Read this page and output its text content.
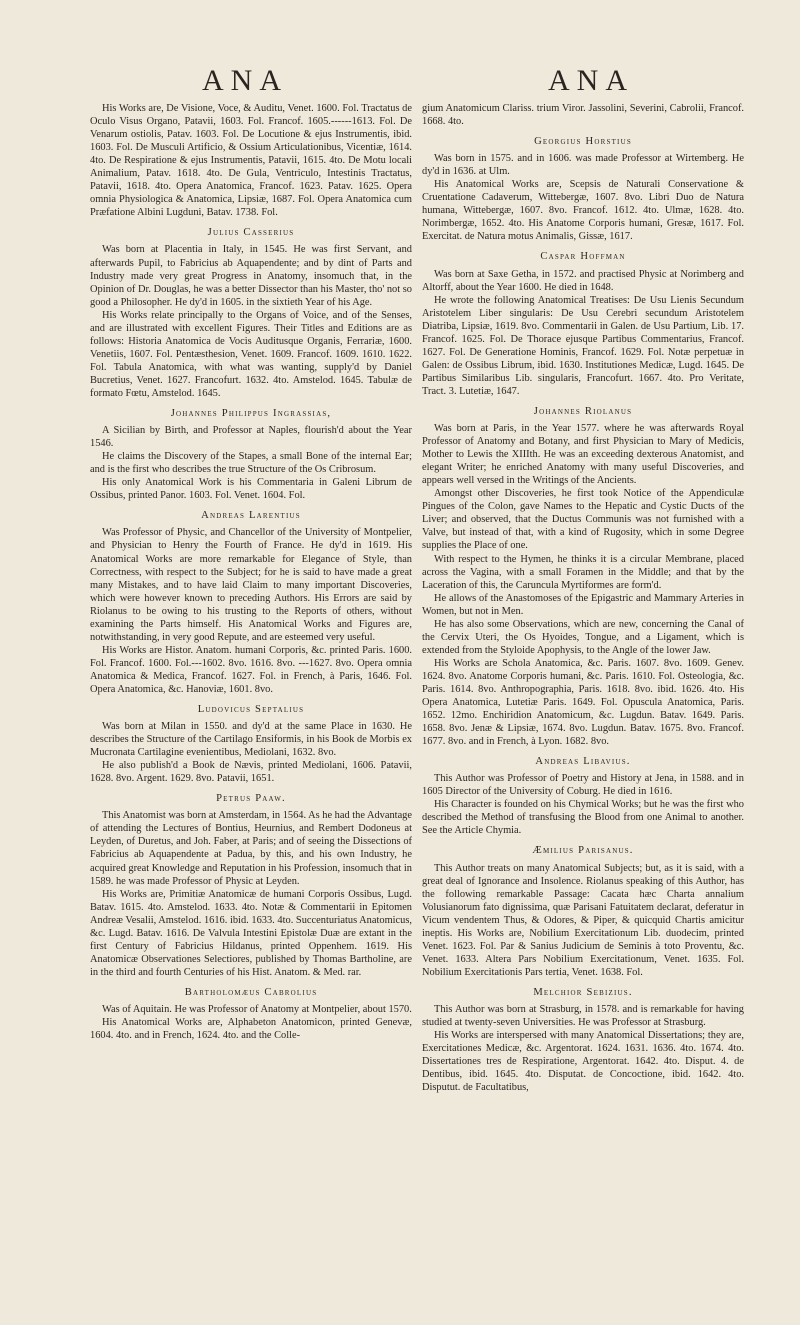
ANA	ANA

His Works are, De Visione, Voce, & Auditu, Venet. 1600. Fol. Tractatus de Oculo Visus Organo, Patavii, 1603. Fol. Francof. 1605.------1613. Fol. De Venarum ostiolis, Patav. 1603. Fol. De Locutione & ejus Instrumentis, ibid. 1603. Fol. De Musculi Artificio, & Ossium Articulationibus, Vicentiæ, 1614. 4to. De Respiratione & ejus Instrumentis, Patavii, 1615. 4to. De Motu locali Animalium, Patav. 1618. 4to. De Gula, Ventriculo, Intestinis Tractatus, Patavii, 1618. 4to. Opera Anatomica, Francof. 1623. Patav. 1625. Opera omnia Physiologica & Anatomica, Lipsiæ, 1687. Fol. Opera Anatomica cum Præfatione Albini Lugduni, Batav. 1738. Fol.

Julius Casserius

Was born at Placentia in Italy, in 1545. He was first Servant, and afterwards Pupil, to Fabricius ab Aquapendente; and by dint of Parts and Industry made very great Progress in Anatomy, insomuch that, in the Opinion of Dr. Douglas, he was a better Dissector than his Master, tho' not so good a Philosopher. He dy'd in 1605. in the sixtieth Year of his Age.

His Works relate principally to the Organs of Voice, and of the Senses, and are illustrated with excellent Figures. Their Titles and Editions are as follows: Historia Anatomica de Vocis Auditusque Organis, Ferrariæ, 1600. Venetiis, 1607. Fol. Pentæsthesion, Venet. 1609. Francof. 1609. 1610. 1622. Fol. Tabula Anatomica, with what was wanting, supply'd by Daniel Bucretius, Venet. 1627. Francofurt. 1632. 4to. Amstelod. 1645. Tabulæ de formato Fœtu, Amstelod. 1645.

Johannes Philippus Ingrassias,

A Sicilian by Birth, and Professor at Naples, flourish'd about the Year 1546.

He claims the Discovery of the Stapes, a small Bone of the internal Ear; and is the first who describes the true Structure of the Os Cribrosum.

His only Anatomical Work is his Commentaria in Galeni Librum de Ossibus, printed Panor. 1603. Fol. Venet. 1604. Fol.

Andreas Larentius

Was Professor of Physic, and Chancellor of the University of Montpelier, and Physician to Henry the Fourth of France. He dy'd in 1619. His Anatomical Works are more remarkable for Elegance of Style, than Correctness, with respect to the Subject; for he is said to have made a great many Mistakes, and to have laid Claim to many important Discoveries, which were however known to preceding Authors. His Errors are said by Riolanus to be owing to his trusting to the Reports of others, without examining the Parts himself. His Anatomical Works and Figures are, notwithstanding, in very good Repute, and are esteemed very useful.

His Works are Histor. Anatom. humani Corporis, &c. printed Paris. 1600. Fol. Francof. 1600. Fol.---1602. 8vo. 1616. 8vo. ---1627. 8vo. Opera omnia Anatomica & Medica, Francof. 1627. Fol. in French, à Paris, 1646. Fol. Opera Anatomica, &c. Hanoviæ, 1601. 8vo.

Ludovicus Septalius

Was born at Milan in 1550. and dy'd at the same Place in 1630. He describes the Structure of the Cartilago Ensiformis, in his Book de Morbis ex Mucronata Cartilagine evenientibus, Mediolani, 1632. 8vo.

He also publish'd a Book de Nævis, printed Mediolani, 1606. Patavii, 1628. 8vo. Argent. 1629. 8vo. Patavii, 1651.

Petrus Paaw.

This Anatomist was born at Amsterdam, in 1564. As he had the Advantage of attending the Lectures of Bontius, Heurnius, and Rembert Dodoneus at Leyden, of Duretus, and Joh. Faber, at Paris; and of seeing the Dissections of Fabricius ab Aquapendente at Padua, by this, and his own Industry, he acquired great Knowledge and Reputation in his Profession, insomuch that in 1589. he was made Professor of Physic at Leyden.

His Works are, Primitiæ Anatomicæ de humani Corporis Ossibus, Lugd. Batav. 1615. 4to. Amstelod. 1633. 4to. Notæ & Commentarii in Epitomen Andreæ Vesalii, Amstelod. 1616. ibid. 1633. 4to. Succenturiatus Anatomicus, &c. Lugd. Batav. 1616. De Valvula Intestini Epistolæ Duæ are extant in the first Century of Fabricius Hildanus, printed Oppenhem. 1619. His Anatomicæ Observationes Selectiores, published by Thomas Bartholine, are in the third and fourth Centuries of his Hist. Anatom. & Med. rar.

Bartholomæus Cabrolius

Was of Aquitain. He was Professor of Anatomy at Montpelier, about 1570.

His Anatomical Works are, Alphabeton Anatomicon, printed Genevæ, 1604. 4to. and in French, 1624. 4to. and the Colle-

gium Anatomicum Clariss. trium Viror. Jassolini, Severini, Cabrolii, Francof. 1668. 4to.

Georgius Horstius

Was born in 1575. and in 1606. was made Professor at Wirtemberg. He dy'd in 1636. at Ulm.

His Anatomical Works are, Scepsis de Naturali Conservatione & Cruentatione Cadaverum, Wittebergæ, 1607. 8vo. Libri Duo de Natura humana, Wittebergæ, 1607. 8vo. Francof. 1612. 4to. Ulmæ, 1628. 4to. Norimbergæ, 1652. 4to. His Anatome Corporis humani, Gresæ, 1617. Fol. Exercitat. de Natura motus Animalis, Gissæ, 1617.

Caspar Hoffman

Was born at Saxe Getha, in 1572. and practised Physic at Norimberg and Altorff, about the Year 1600. He died in 1648.

He wrote the following Anatomical Treatises: De Usu Lienis Secundum Aristotelem Liber singularis: De Usu Cerebri secundum Aristotelem Diatriba, Lipsiæ, 1619. 8vo. Commentarii in Galen. de Usu Partium, Lib. 17. Francof. 1625. Fol. De Thorace ejusque Partibus Commentarius, Francof. 1627. Fol. De Generatione Hominis, Francof. 1629. Fol. Notæ perpetuæ in Galen: de Ossibus Librum, ibid. 1630. Institutiones Medicæ, Lugd. 1645. De Partibus Similaribus Lib. singularis, Francofurt. 1667. 4to. Pro Veritate, Tract. 3. Lutetiæ, 1647.

Johannes Riolanus

Was born at Paris, in the Year 1577. where he was afterwards Royal Professor of Anatomy and Botany, and first Physician to Mary of Medicis, Mother to Lewis the XIIIth. He was an exceeding dexterous Anatomist, and elegant Writer; he enriched Anatomy with many useful Discoveries, and appears well versed in the Writings of the Ancients.

Amongst other Discoveries, he first took Notice of the Appendiculæ Pingues of the Colon, gave Names to the Hepatic and Cystic Ducts of the Liver; and observed, that the Ductus Communis was not furnished with a Valve, but instead of that, with a kind of Rugosity, which in some Degree supplies the Place of one.

With respect to the Hymen, he thinks it is a circular Membrane, placed across the Vagina, with a small Foramen in the Middle; and that by the Laceration of this, the Caruncula Myrtiformes are form'd.

He allows of the Anastomoses of the Epigastric and Mammary Arteries in Women, but not in Men.

He has also some Observations, which are new, concerning the Canal of the Cervix Uteri, the Os Hyoides, Tongue, and a Ligament, which is extended from the Styloide Apophysis, to the Angle of the lower Jaw.

His Works are Schola Anatomica, &c. Paris. 1607. 8vo. 1609. Genev. 1624. 8vo. Anatome Corporis humani, &c. Paris. 1610. Fol. Osteologia, &c. Paris. 1614. 8vo. Anthropographia, Paris. 1618. 8vo. ibid. 1626. 4to. His Opera Anatomica, Lutetiæ Paris. 1649. Fol. Opuscula Anatomica, Paris. 1652. 12mo. Enchiridion Anatomicum, &c. Lugdun. Batav. 1649. Paris. 1658. 8vo. Jenæ & Lipsiæ, 1674. 8vo. Lugdun. Batav. 1675. 8vo. Francof. 1677. 8vo. and in French, à Lyon. 1682. 8vo.

Andreas Libavius.

This Author was Professor of Poetry and History at Jena, in 1588. and in 1605 Director of the University of Coburg. He died in 1616.

His Character is founded on his Chymical Works; but he was the first who described the Method of transfusing the Blood from one Animal to another. See the Article Chymia.

Æmilius Parisanus.

This Author treats on many Anatomical Subjects; but, as it is said, with a great deal of Ignorance and Insolence. Riolanus speaking of this Author, has the following remarkable Passage: Cacata hæc Charta annalium Volusianorum fato dignissima, quæ Parisani Fatuitatem declarat, deferatur in Vicum vendentem Thus, & Odores, & Piper, & quicquid Chartis amicitur ineptis. His Works are, Nobilium Exercitationum Lib. duodecim, printed Venet. 1623. Fol. Par & Sanius Judicium de Seminis à toto Proventu, &c. Venet. 1633. Altera Pars Nobilium Exercitationum, Venet. 1635. Fol. Nobilium Exercitationis Pars tertia, Venet. 1638. Fol.

Melchior Sebizius.

This Author was born at Strasburg, in 1578. and is remarkable for having studied at twenty-seven Universities. He was Professor at Strasburg.

His Works are interspersed with many Anatomical Dissertations; they are, Exercitationes Medicæ, &c. Argentorat. 1624. 1631. 1636. 4to. 1674. 4to. Dissertationes tres de Respiratione, Argentorat. 1642. 4to. Disput. 4. de Dentibus, ibid. 1645. 4to. Disputat. de Concoctione, ibid. 1642. 4to. Disputut. de Facultatibus,
